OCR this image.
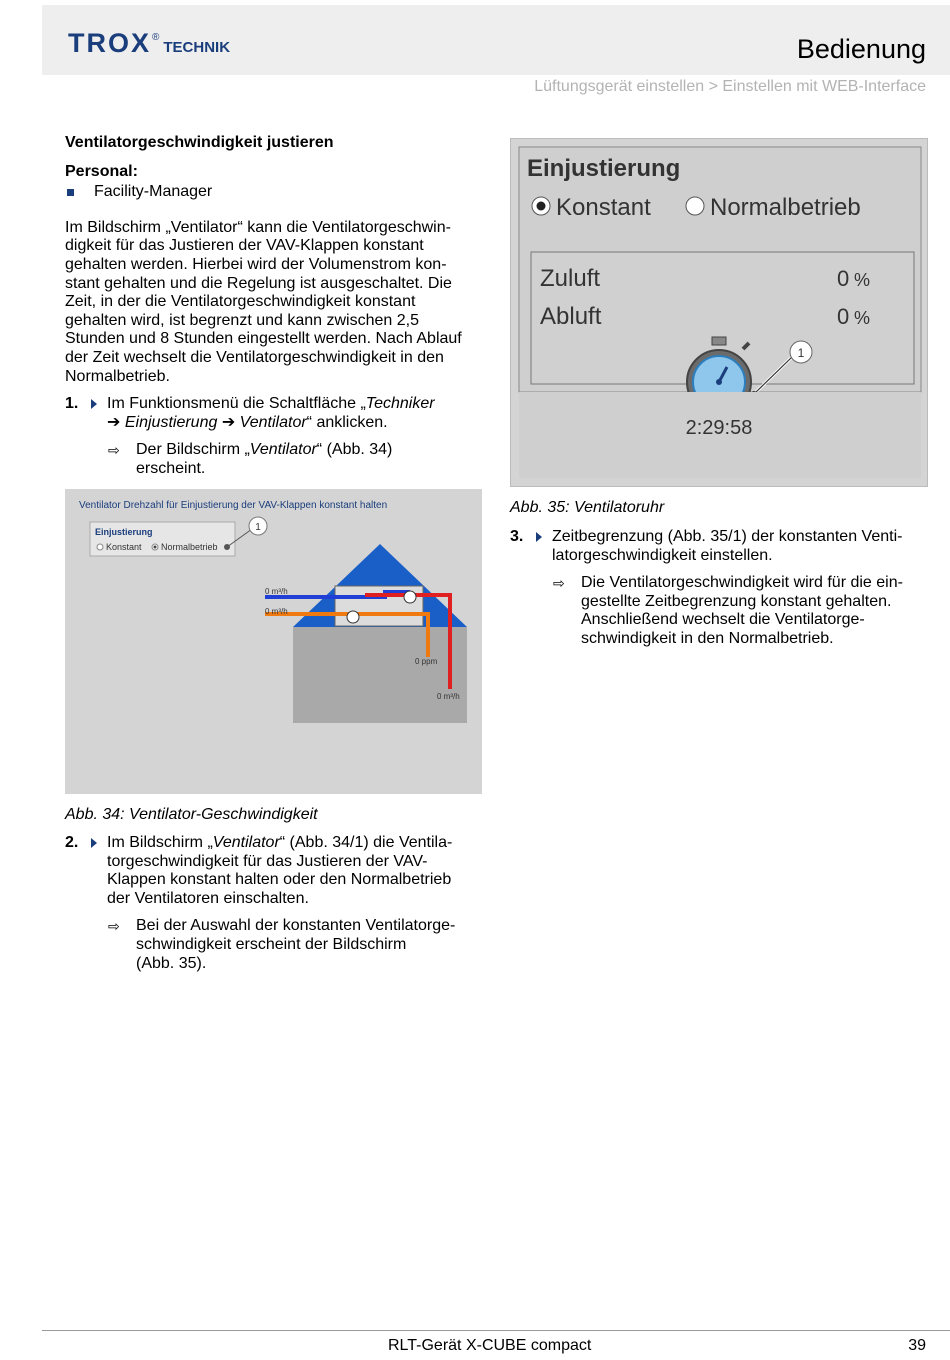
TROX ®
TECHNIK	Bedienung
Lüftungsgerät einstellen > Einstellen mit WEB-Interface
Ventilatorgeschwindigkeit justieren
Personal:
Facility-Manager
Im Bildschirm „Ventilator“ kann die Ventilatorgeschwin-
digkeit für das Justieren der VAV-Klappen konstant
gehalten werden. Hierbei wird der Volumenstrom kon-
stant gehalten und die Regelung ist ausgeschaltet. Die
Zeit, in der die Ventilatorgeschwindigkeit konstant
gehalten wird, ist begrenzt und kann zwischen 2,5
Stunden und 8 Stunden eingestellt werden. Nach Ablauf
der Zeit wechselt die Ventilatorgeschwindigkeit in den
Normalbetrieb.
1.	Im Funktionsmenü die Schaltfläche „Techniker
➔ Einjustierung ➔ Ventilator“ anklicken.
⇨	Der Bildschirm „Ventilator“ (Abb. 34)
erscheint.
Ventilator Drehzahl für Einjustierung der VAV-Klappen konstant halten
Einjustierung
Konstant Normalbetrieb
1
0 m³/h
0 m³/h
0 ppm
0 m³/h
Abb. 34: Ventilator-Geschwindigkeit
2.	Im Bildschirm „Ventilator“ (Abb. 34/1) die Ventila-
torgeschwindigkeit für das Justieren der VAV-
Klappen konstant halten oder den Normalbetrieb
der Ventilatoren einschalten.
⇨	Bei der Auswahl der konstanten Ventilatorge-
schwindigkeit erscheint der Bildschirm
(Abb. 35).
Einjustierung
Konstant Normalbetrieb
Zuluft	0 %
Abluft	0 %
1
2:29:58
Abb. 35: Ventilatoruhr
3.	Zeitbegrenzung (Abb. 35/1) der konstanten Venti-
latorgeschwindigkeit einstellen.
⇨	Die Ventilatorgeschwindigkeit wird für die ein-
gestellte Zeitbegrenzung konstant gehalten.
Anschließend wechselt die Ventilatorge-
schwindigkeit in den Normalbetrieb.
RLT-Gerät X-CUBE compact	39
